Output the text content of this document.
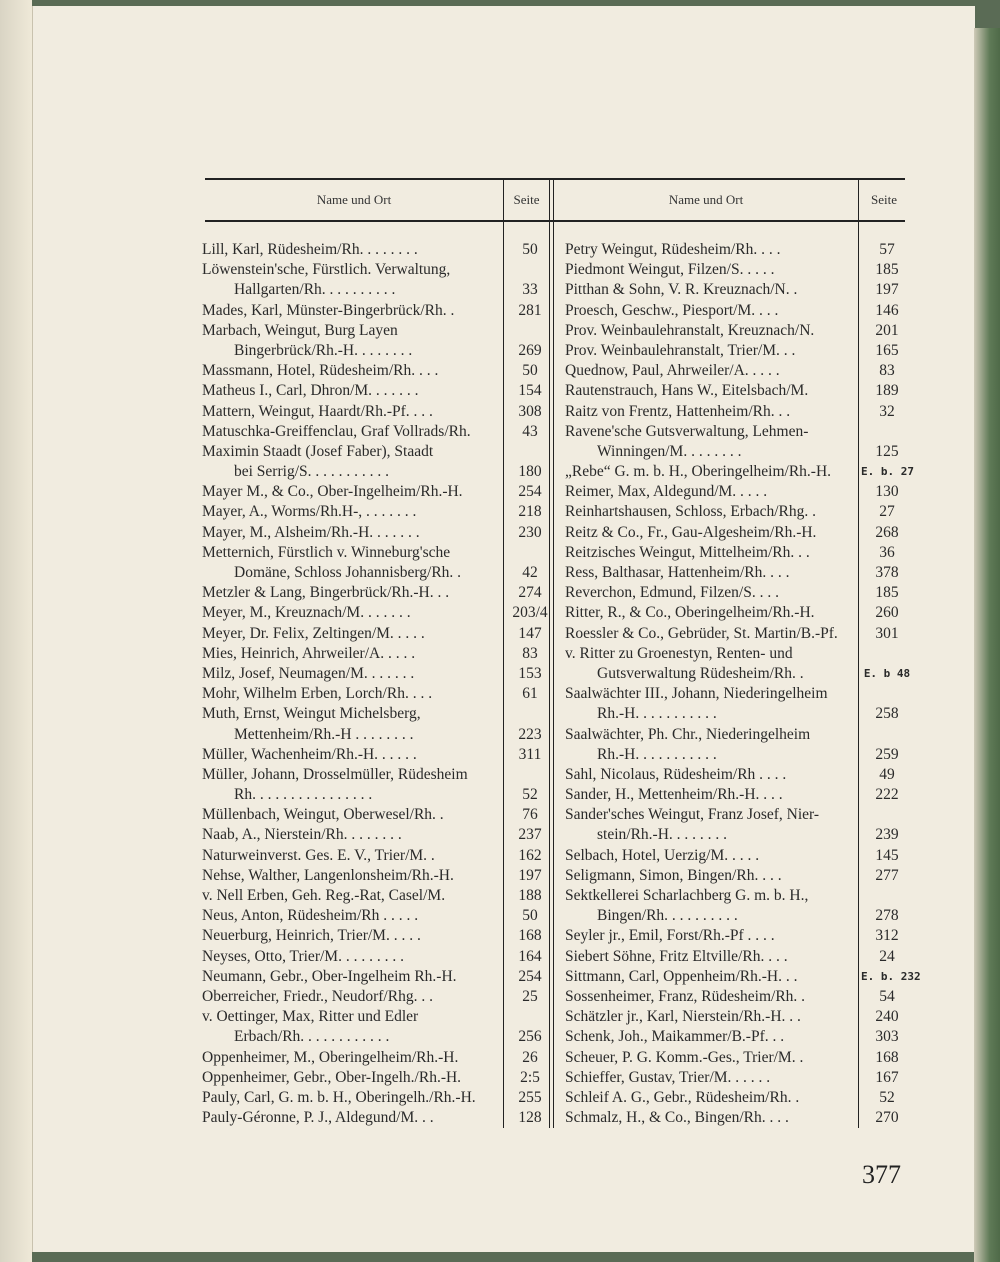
Name und Ort	Seite	Name und Ort	Seite
Lill, Karl, Rüdesheim/Rh. . . . . . . .	50
Löwenstein'sche, Fürstlich. Verwaltung,
Hallgarten/Rh. . . . . . . . . .	33
Mades, Karl, Münster-Bingerbrück/Rh. .	281
Marbach, Weingut, Burg Layen
Bingerbrück/Rh.-H. . . . . . . .	269
Massmann, Hotel, Rüdesheim/Rh. . . .	50
Matheus I., Carl, Dhron/M. . . . . . .	154
Mattern, Weingut, Haardt/Rh.-Pf. . . .	308
Matuschka-Greiffenclau, Graf Vollrads/Rh.	43
Maximin Staadt (Josef Faber), Staadt
bei Serrig/S. . . . . . . . . . .	180
Mayer M., & Co., Ober-Ingelheim/Rh.-H.	254
Mayer, A., Worms/Rh.H-, . . . . . . .	218
Mayer, M., Alsheim/Rh.-H. . . . . . .	230
Metternich, Fürstlich v. Winneburg'sche
Domäne, Schloss Johannisberg/Rh. .	42
Metzler & Lang, Bingerbrück/Rh.-H. . .	274
Meyer, M., Kreuznach/M. . . . . . .	203/4
Meyer, Dr. Felix, Zeltingen/M. . . . .	147
Mies, Heinrich, Ahrweiler/A. . . . .	83
Milz, Josef, Neumagen/M. . . . . . .	153
Mohr, Wilhelm Erben, Lorch/Rh. . . .	61
Muth, Ernst, Weingut Michelsberg,
Mettenheim/Rh.-H . . . . . . . .	223
Müller, Wachenheim/Rh.-H. . . . . .	311
Müller, Johann, Drosselmüller, Rüdesheim
Rh. . . . . . . . . . . . . . . .	52
Müllenbach, Weingut, Oberwesel/Rh. .	76
Naab, A., Nierstein/Rh. . . . . . . .	237
Naturweinverst. Ges. E. V., Trier/M. .	162
Nehse, Walther, Langenlonsheim/Rh.-H.	197
v. Nell Erben, Geh. Reg.-Rat, Casel/M.	188
Neus, Anton, Rüdesheim/Rh . . . . .	50
Neuerburg, Heinrich, Trier/M. . . . .	168
Neyses, Otto, Trier/M. . . . . . . . .	164
Neumann, Gebr., Ober-Ingelheim Rh.-H.	254
Oberreicher, Friedr., Neudorf/Rhg. . .	25
v. Oettinger, Max, Ritter und Edler
Erbach/Rh. . . . . . . . . . . .	256
Oppenheimer, M., Oberingelheim/Rh.-H.	26
Oppenheimer, Gebr., Ober-Ingelh./Rh.-H.	2:5
Pauly, Carl, G. m. b. H., Oberingelh./Rh.-H.	255
Pauly-Géronne, P. J., Aldegund/M. . .	128
Petry Weingut, Rüdesheim/Rh. . . .	57
Piedmont Weingut, Filzen/S. . . . .	185
Pitthan & Sohn, V. R. Kreuznach/N. .	197
Proesch, Geschw., Piesport/M. . . .	146
Prov. Weinbaulehranstalt, Kreuznach/N.	201
Prov. Weinbaulehranstalt, Trier/M. . .	165
Quednow, Paul, Ahrweiler/A. . . . .	83
Rautenstrauch, Hans W., Eitelsbach/M.	189
Raitz von Frentz, Hattenheim/Rh. . .	32
Ravene'sche Gutsverwaltung, Lehmen-
Winningen/M. . . . . . . .	125
„Rebe“ G. m. b. H., Oberingelheim/Rh.-H.	E. b. 27
Reimer, Max, Aldegund/M. . . . .	130
Reinhartshausen, Schloss, Erbach/Rhg. .	27
Reitz & Co., Fr., Gau-Algesheim/Rh.-H.	268
Reitzisches Weingut, Mittelheim/Rh. . .	36
Ress, Balthasar, Hattenheim/Rh. . . .	378
Reverchon, Edmund, Filzen/S. . . .	185
Ritter, R., & Co., Oberingelheim/Rh.-H.	260
Roessler & Co., Gebrüder, St. Martin/B.-Pf.	301
v. Ritter zu Groenestyn, Renten- und
Gutsverwaltung Rüdesheim/Rh. .	E. b 48
Saalwächter III., Johann, Niederingelheim
Rh.-H. . . . . . . . . . .	258
Saalwächter, Ph. Chr., Niederingelheim
Rh.-H. . . . . . . . . . .	259
Sahl, Nicolaus, Rüdesheim/Rh . . . .	49
Sander, H., Mettenheim/Rh.-H. . . .	222
Sander'sches Weingut, Franz Josef, Nier-
stein/Rh.-H. . . . . . . .	239
Selbach, Hotel, Uerzig/M. . . . .	145
Seligmann, Simon, Bingen/Rh. . . .	277
Sektkellerei Scharlachberg G. m. b. H.,
Bingen/Rh. . . . . . . . . .	278
Seyler jr., Emil, Forst/Rh.-Pf . . . .	312
Siebert Söhne, Fritz Eltville/Rh. . . .	24
Sittmann, Carl, Oppenheim/Rh.-H. . .	E. b. 232
Sossenheimer, Franz, Rüdesheim/Rh. .	54
Schätzler jr., Karl, Nierstein/Rh.-H. . .	240
Schenk, Joh., Maikammer/B.-Pf. . .	303
Scheuer, P. G. Komm.-Ges., Trier/M. .	168
Schieffer, Gustav, Trier/M. . . . . .	167
Schleif A. G., Gebr., Rüdesheim/Rh. .	52
Schmalz, H., & Co., Bingen/Rh. . . .	270
377
